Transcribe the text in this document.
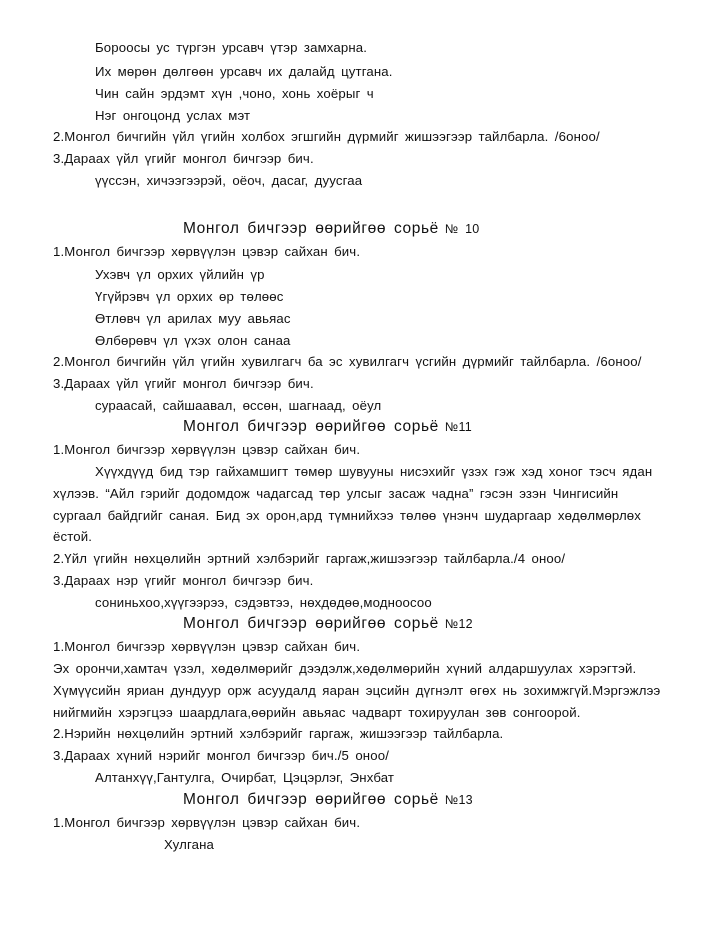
Бороосы ус түргэн урсавч үтэр замхарна.
Их мөрөн дөлгөөн урсавч их далайд цутгана.
Чин сайн эрдэмт хүн ,чоно, хонь хоёрыг ч
Нэг онгоцонд услах мэт
2.Монгол бичгийн үйл үгийн холбох эгшгийн дүрмийг жишээгээр тайлбарла. /6оноо/
3.Дараах үйл үгийг монгол бичгээр бич.
үүссэн, хичээгээрэй, оёоч, дасаг, дуусгаа
Монгол бичгээр өөрийгөө сорьё № 10
1.Монгол бичгээр хөрвүүлэн цэвэр сайхан бич.
Ухэвч үл орхих үйлийн үр
Үгүйрэвч үл орхих өр төлөөс
Өтлөвч үл арилах муу авьяас
Өлбөрөвч үл үхэх олон санаа
2.Монгол бичгийн үйл үгийн хувилгагч ба эс хувилгагч үсгийн дүрмийг тайлбарла. /6оноо/
3.Дараах үйл үгийг монгол бичгээр бич.
сураасай, сайшаавал, өссөн, шагнаад, оёул
Монгол бичгээр өөрийгөө сорьё №11
1.Монгол бичгээр хөрвүүлэн цэвэр сайхан бич.
Хүүхдүүд бид тэр гайхамшигт төмөр шувууны нисэхийг үзэх гэж хэд хоног тэсч ядан
хүлээв. “Айл гэрийг додомдож чадагсад төр улсыг засаж чадна” гэсэн эзэн Чингисийн
сургаал байдгийг саная. Бид эх орон,ард түмнийхээ төлөө үнэнч шударгаар хөдөлмөрлөх
ёстой.
2.Үйл үгийн нөхцөлийн эртний хэлбэрийг гаргаж,жишээгээр тайлбарла./4 оноо/
3.Дараах нэр үгийг монгол бичгээр бич.
сониньхоо,хүүгээрээ, сэдэвтээ, нөхдөдөө,модноосоо
Монгол бичгээр өөрийгөө сорьё №12
1.Монгол бичгээр хөрвүүлэн цэвэр сайхан бич.
Эх орончи,хамтач үзэл, хөдөлмөрийг дээдэлж,хөдөлмөрийн хүний алдаршуулах хэрэгтэй.
Хүмүүсийн яриан дундуур орж асуудалд яаран эцсийн дүгнэлт өгөх нь зохимжгүй.Мэргэжлээ
нийгмийн хэрэгцээ шаардлага,өөрийн авьяас чадварт тохируулан зөв сонгоорой.
2.Нэрийн нөхцөлийн эртний хэлбэрийг гаргаж, жишээгээр тайлбарла.
3.Дараах хүний нэрийг монгол бичгээр бич./5 оноо/
Алтанхүү,Гантулга, Очирбат, Цэцэрлэг, Энхбат
Монгол бичгээр өөрийгөө сорьё №13
1.Монгол бичгээр хөрвүүлэн цэвэр сайхан бич.
Хулгана
